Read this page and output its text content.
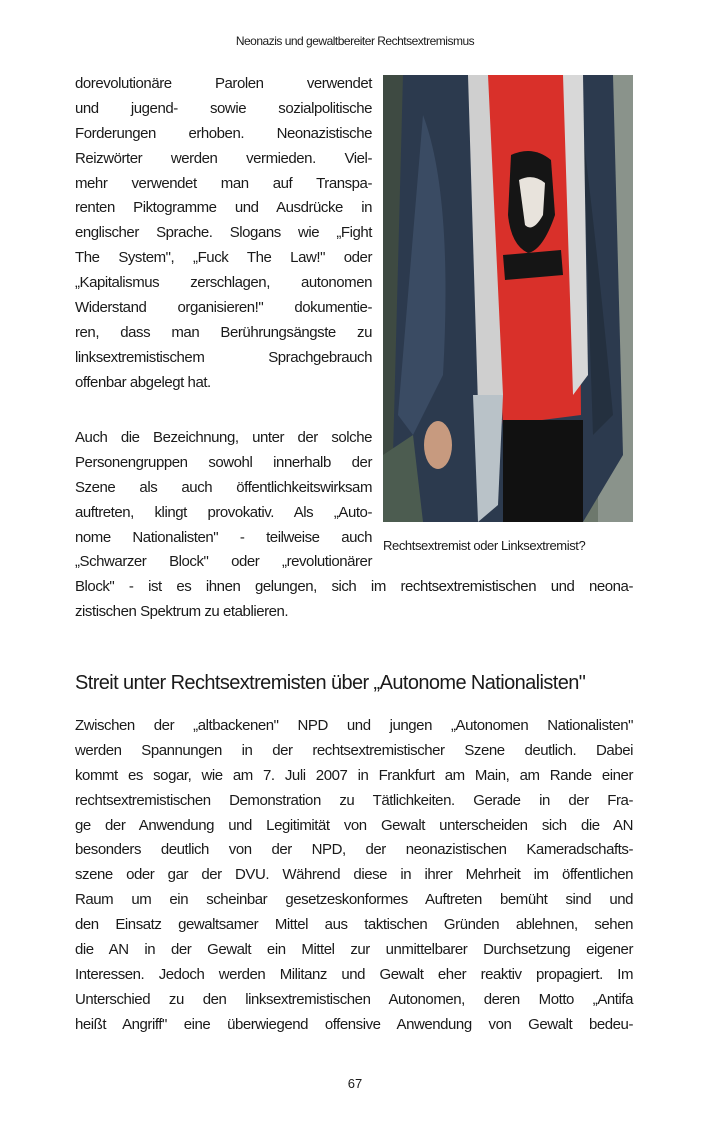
Neonazis und gewaltbereiter Rechtsextremismus
dorevolutionäre Parolen verwendet
und jugend- sowie sozialpolitische
Forderungen erhoben. Neonazistische
Reizwörter werden vermieden. Viel-
mehr verwendet man auf Transpa-
renten Piktogramme und Ausdrücke in
englischer Sprache. Slogans wie „Fight
The System", „Fuck The Law!" oder
„Kapitalismus zerschlagen, autonomen
Widerstand organisieren!" dokumentie-
ren, dass man Berührungsängste zu
linksextremistischem Sprachgebrauch
offenbar abgelegt hat.
Auch die Bezeichnung, unter der solche
Personengruppen sowohl innerhalb der
Szene als auch öffentlichkeitswirksam
auftreten, klingt provokativ. Als „Auto-
nome Nationalisten" - teilweise auch
„Schwarzer Block" oder „revolutionärer
Block" - ist es ihnen gelungen, sich im rechtsextremistischen und neona-
zistischen Spektrum zu etablieren.
Rechtsextremist oder Linksextremist?
Streit unter Rechtsextremisten über „Autonome Nationalisten"
Zwischen der „altbackenen" NPD und jungen „Autonomen Nationalisten"
werden Spannungen in der rechtsextremistischer Szene deutlich. Dabei
kommt es sogar, wie am 7. Juli 2007 in Frankfurt am Main, am Rande einer
rechtsextremistischen Demonstration zu Tätlichkeiten. Gerade in der Fra-
ge der Anwendung und Legitimität von Gewalt unterscheiden sich die AN
besonders deutlich von der NPD, der neonazistischen Kameradschafts-
szene oder gar der DVU. Während diese in ihrer Mehrheit im öffentlichen
Raum um ein scheinbar gesetzeskonformes Auftreten bemüht sind und
den Einsatz gewaltsamer Mittel aus taktischen Gründen ablehnen, sehen
die AN in der Gewalt ein Mittel zur unmittelbarer Durchsetzung eigener
Interessen. Jedoch werden Militanz und Gewalt eher reaktiv propagiert. Im
Unterschied zu den linksextremistischen Autonomen, deren Motto „Antifa
heißt Angriff" eine überwiegend offensive Anwendung von Gewalt bedeu-
67
